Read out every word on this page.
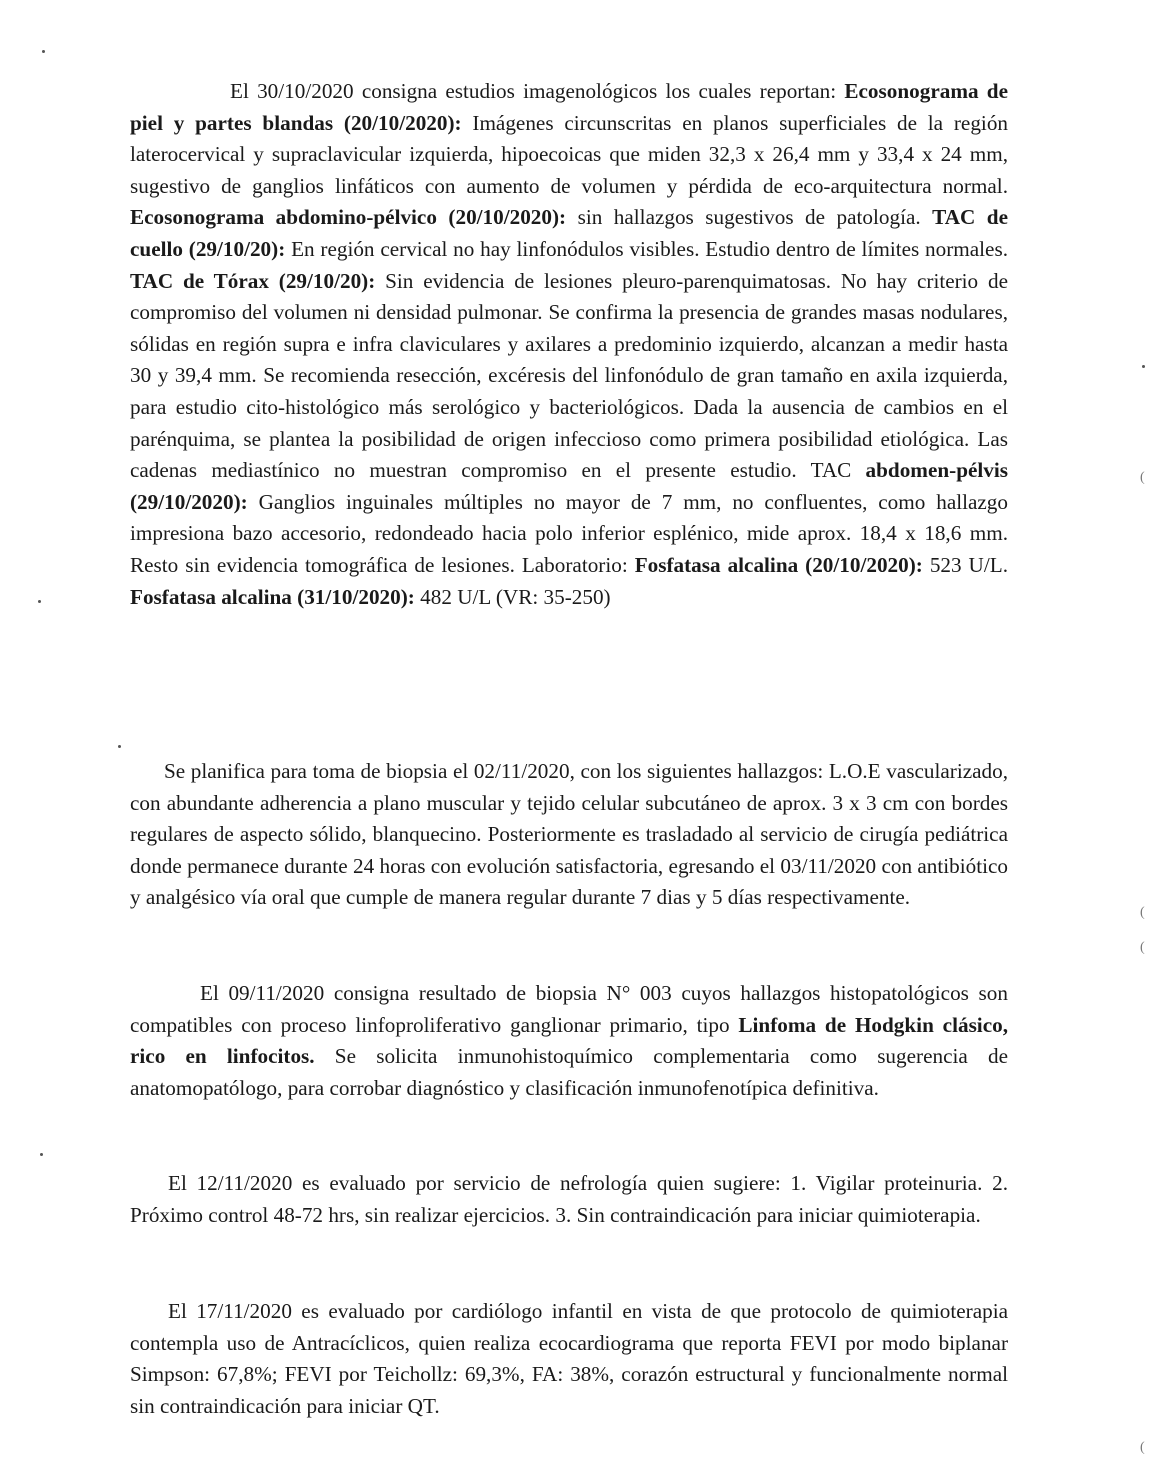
El 30/10/2020 consigna estudios imagenológicos los cuales reportan: Ecosonograma de piel y partes blandas (20/10/2020): Imágenes circunscritas en planos superficiales de la región laterocervical y supraclavicular izquierda, hipoecoicas que miden 32,3 x 26,4 mm y 33,4 x 24 mm, sugestivo de ganglios linfáticos con aumento de volumen y pérdida de eco-arquitectura normal. Ecosonograma abdomino-pélvico (20/10/2020): sin hallazgos sugestivos de patología. TAC de cuello (29/10/20): En región cervical no hay linfonódulos visibles. Estudio dentro de límites normales. TAC de Tórax (29/10/20): Sin evidencia de lesiones pleuro-parenquimatosas. No hay criterio de compromiso del volumen ni densidad pulmonar. Se confirma la presencia de grandes masas nodulares, sólidas en región supra e infra claviculares y axilares a predominio izquierdo, alcanzan a medir hasta 30 y 39,4 mm. Se recomienda resección, excéresis del linfonódulo de gran tamaño en axila izquierda, para estudio cito-histológico más serológico y bacteriológicos. Dada la ausencia de cambios en el parénquima, se plantea la posibilidad de origen infeccioso como primera posibilidad etiológica. Las cadenas mediastínico no muestran compromiso en el presente estudio. TAC abdomen-pélvis (29/10/2020): Ganglios inguinales múltiples no mayor de 7 mm, no confluentes, como hallazgo impresiona bazo accesorio, redondeado hacia polo inferior esplénico, mide aprox. 18,4 x 18,6 mm. Resto sin evidencia tomográfica de lesiones. Laboratorio: Fosfatasa alcalina (20/10/2020): 523 U/L. Fosfatasa alcalina (31/10/2020): 482 U/L (VR: 35-250)

Se planifica para toma de biopsia el 02/11/2020, con los siguientes hallazgos: L.O.E vascularizado, con abundante adherencia a plano muscular y tejido celular subcutáneo de aprox. 3 x 3 cm con bordes regulares de aspecto sólido, blanquecino. Posteriormente es trasladado al servicio de cirugía pediátrica donde permanece durante 24 horas con evolución satisfactoria, egresando el 03/11/2020 con antibiótico y analgésico vía oral que cumple de manera regular durante 7 dias y 5 días respectivamente.

El 09/11/2020 consigna resultado de biopsia N° 003 cuyos hallazgos histopatológicos son compatibles con proceso linfoproliferativo ganglionar primario, tipo Linfoma de Hodgkin clásico, rico en linfocitos. Se solicita inmunohistoquímico complementaria como sugerencia de anatomopatólogo, para corrobar diagnóstico y clasificación inmunofenotípica definitiva.

El 12/11/2020 es evaluado por servicio de nefrología quien sugiere: 1. Vigilar proteinuria. 2. Próximo control 48-72 hrs, sin realizar ejercicios. 3. Sin contraindicación para iniciar quimioterapia.

El 17/11/2020 es evaluado por cardiólogo infantil en vista de que protocolo de quimioterapia contempla uso de Antracíclicos, quien realiza ecocardiograma que reporta FEVI por modo biplanar Simpson: 67,8%; FEVI por Teichollz: 69,3%, FA: 38%, corazón estructural y funcionalmente normal sin contraindicación para iniciar QT.

(
(
(
(
